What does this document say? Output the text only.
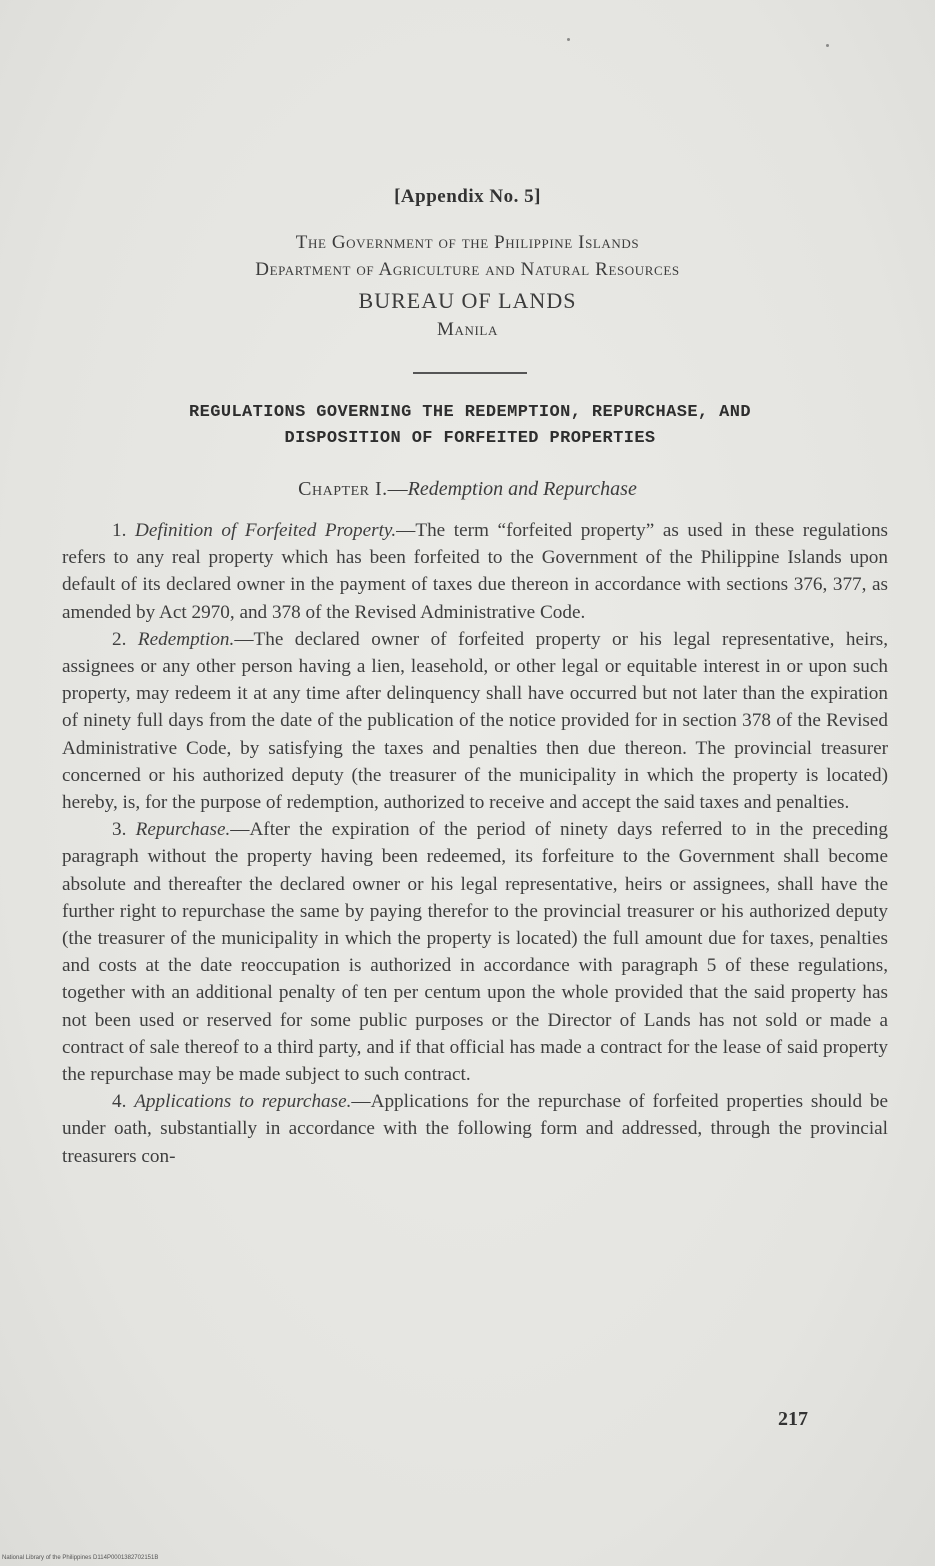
[Appendix No. 5]
The Government of the Philippine Islands
Department of Agriculture and Natural Resources
BUREAU OF LANDS
Manila
REGULATIONS GOVERNING THE REDEMPTION, REPURCHASE, AND
DISPOSITION OF FORFEITED PROPERTIES
Chapter I.—Redemption and Repurchase

1. Definition of Forfeited Property.—The term “forfeited property” as used in these regulations refers to any real property which has been forfeited to the Government of the Philippine Islands upon default of its declared owner in the payment of taxes due thereon in accordance with sections 376, 377, as amended by Act 2970, and 378 of the Revised Administrative Code.

2. Redemption.—The declared owner of forfeited property or his legal representative, heirs, assignees or any other person having a lien, leasehold, or other legal or equitable interest in or upon such property, may redeem it at any time after delinquency shall have occurred but not later than the expiration of ninety full days from the date of the publication of the notice provided for in section 378 of the Revised Administrative Code, by satisfying the taxes and penalties then due thereon. The provincial treasurer concerned or his authorized deputy (the treasurer of the municipality in which the property is located) hereby, is, for the purpose of redemption, authorized to receive and accept the said taxes and penalties.

3. Repurchase.—After the expiration of the period of ninety days referred to in the preceding paragraph without the property having been redeemed, its forfeiture to the Government shall become absolute and thereafter the declared owner or his legal representative, heirs or assignees, shall have the further right to repurchase the same by paying therefor to the provincial treasurer or his authorized deputy (the treasurer of the municipality in which the property is located) the full amount due for taxes, penalties and costs at the date reoccupation is authorized in accordance with paragraph 5 of these regulations, together with an additional penalty of ten per centum upon the whole provided that the said property has not been used or reserved for some public purposes or the Director of Lands has not sold or made a contract of sale thereof to a third party, and if that official has made a contract for the lease of said property the repurchase may be made subject to such contract.

4. Applications to repurchase.—Applications for the repurchase of forfeited properties should be under oath, substantially in accordance with the following form and addressed, through the provincial treasurers con-

217
National Library of the Philippines D114P0001382702151B
